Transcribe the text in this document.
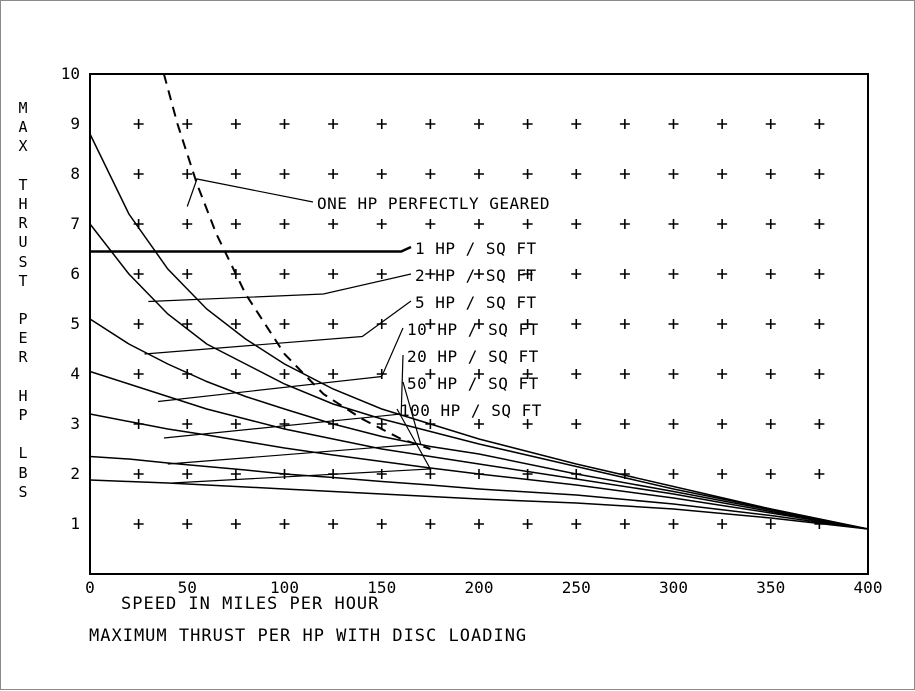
M
A
X
T
H
R
U
S
T
P
E
R
H
P
L
B
S
1
2
3
4
5
6
7
8
9
10
0	50	100	150	200	250	300	350	400
ONE HP PERFECTLY GEARED
1 HP / SQ FT
2 HP / SQ FT
5 HP / SQ FT
10 HP / SQ FT
20 HP / SQ FT
50 HP / SQ FT
100 HP / SQ FT
SPEED IN MILES PER HOUR
MAXIMUM THRUST PER HP WITH DISC LOADING
